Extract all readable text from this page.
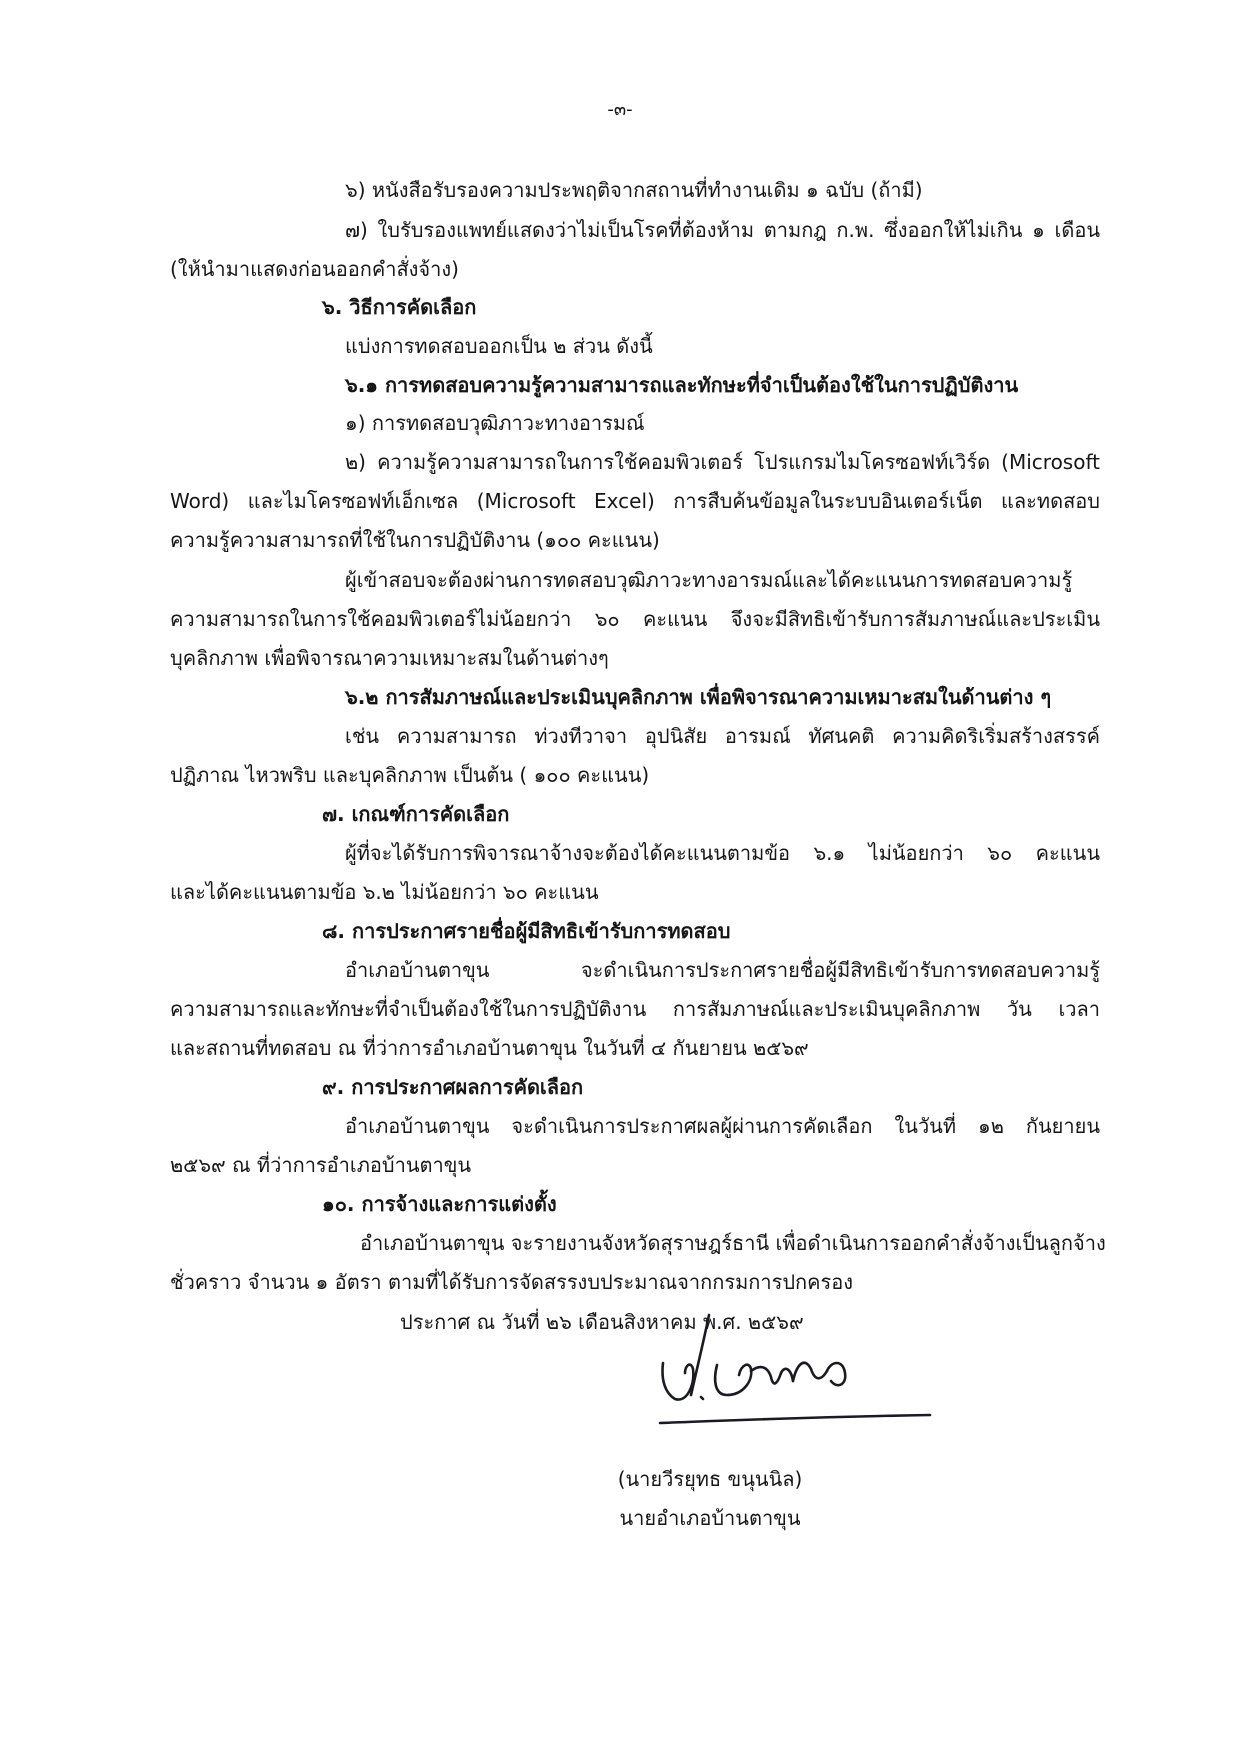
-๓-
๖) หนังสือรับรองความประพฤติจากสถานที่ทำงานเดิม ๑ ฉบับ (ถ้ามี)
๗) ใบรับรองแพทย์แสดงว่าไม่เป็นโรคที่ต้องห้าม ตามกฎ ก.พ. ซึ่งออกให้ไม่เกิน ๑ เดือน
(ให้นำมาแสดงก่อนออกคำสั่งจ้าง)
๖. วิธีการคัดเลือก
แบ่งการทดสอบออกเป็น ๒ ส่วน ดังนี้
๖.๑ การทดสอบความรู้ความสามารถและทักษะที่จำเป็นต้องใช้ในการปฏิบัติงาน
๑) การทดสอบวุฒิภาวะทางอารมณ์
๒) ความรู้ความสามารถในการใช้คอมพิวเตอร์ โปรแกรมไมโครซอฟท์เวิร์ด (Microsoft
Word) และไมโครซอฟท์เอ็กเซล (Microsoft Excel) การสืบค้นข้อมูลในระบบอินเตอร์เน็ต และทดสอบ
ความรู้ความสามารถที่ใช้ในการปฏิบัติงาน (๑๐๐ คะแนน)
ผู้เข้าสอบจะต้องผ่านการทดสอบวุฒิภาวะทางอารมณ์และได้คะแนนการทดสอบความรู้
ความสามารถในการใช้คอมพิวเตอร์ไม่น้อยกว่า ๖๐ คะแนน จึงจะมีสิทธิเข้ารับการสัมภาษณ์และประเมิน
บุคลิกภาพ เพื่อพิจารณาความเหมาะสมในด้านต่างๆ
๖.๒ การสัมภาษณ์และประเมินบุคลิกภาพ เพื่อพิจารณาความเหมาะสมในด้านต่าง ๆ
เช่น ความสามารถ ท่วงทีวาจา อุปนิสัย อารมณ์ ทัศนคติ ความคิดริเริ่มสร้างสรรค์
ปฏิภาณ ไหวพริบ และบุคลิกภาพ เป็นต้น ( ๑๐๐ คะแนน)
๗. เกณฑ์การคัดเลือก
ผู้ที่จะได้รับการพิจารณาจ้างจะต้องได้คะแนนตามข้อ ๖.๑ ไม่น้อยกว่า ๖๐ คะแนน
และได้คะแนนตามข้อ ๖.๒ ไม่น้อยกว่า ๖๐ คะแนน
๘. การประกาศรายชื่อผู้มีสิทธิเข้ารับการทดสอบ
อำเภอบ้านตาขุน จะดำเนินการประกาศรายชื่อผู้มีสิทธิเข้ารับการทดสอบความรู้
ความสามารถและทักษะที่จำเป็นต้องใช้ในการปฏิบัติงาน การสัมภาษณ์และประเมินบุคลิกภาพ วัน เวลา
และสถานที่ทดสอบ ณ ที่ว่าการอำเภอบ้านตาขุน ในวันที่ ๔ กันยายน ๒๕๖๙
๙. การประกาศผลการคัดเลือก
อำเภอบ้านตาขุน จะดำเนินการประกาศผลผู้ผ่านการคัดเลือก ในวันที่ ๑๒ กันยายน
๒๕๖๙ ณ ที่ว่าการอำเภอบ้านตาขุน
๑๐. การจ้างและการแต่งตั้ง
อำเภอบ้านตาขุน จะรายงานจังหวัดสุราษฎร์ธานี เพื่อดำเนินการออกคำสั่งจ้างเป็นลูกจ้าง
ชั่วคราว จำนวน ๑ อัตรา ตามที่ได้รับการจัดสรรงบประมาณจากกรมการปกครอง
ประกาศ ณ วันที่ ๒๖ เดือนสิงหาคม พ.ศ. ๒๕๖๙
(นายวีรยุทธ ขนุนนิล)
นายอำเภอบ้านตาขุน
